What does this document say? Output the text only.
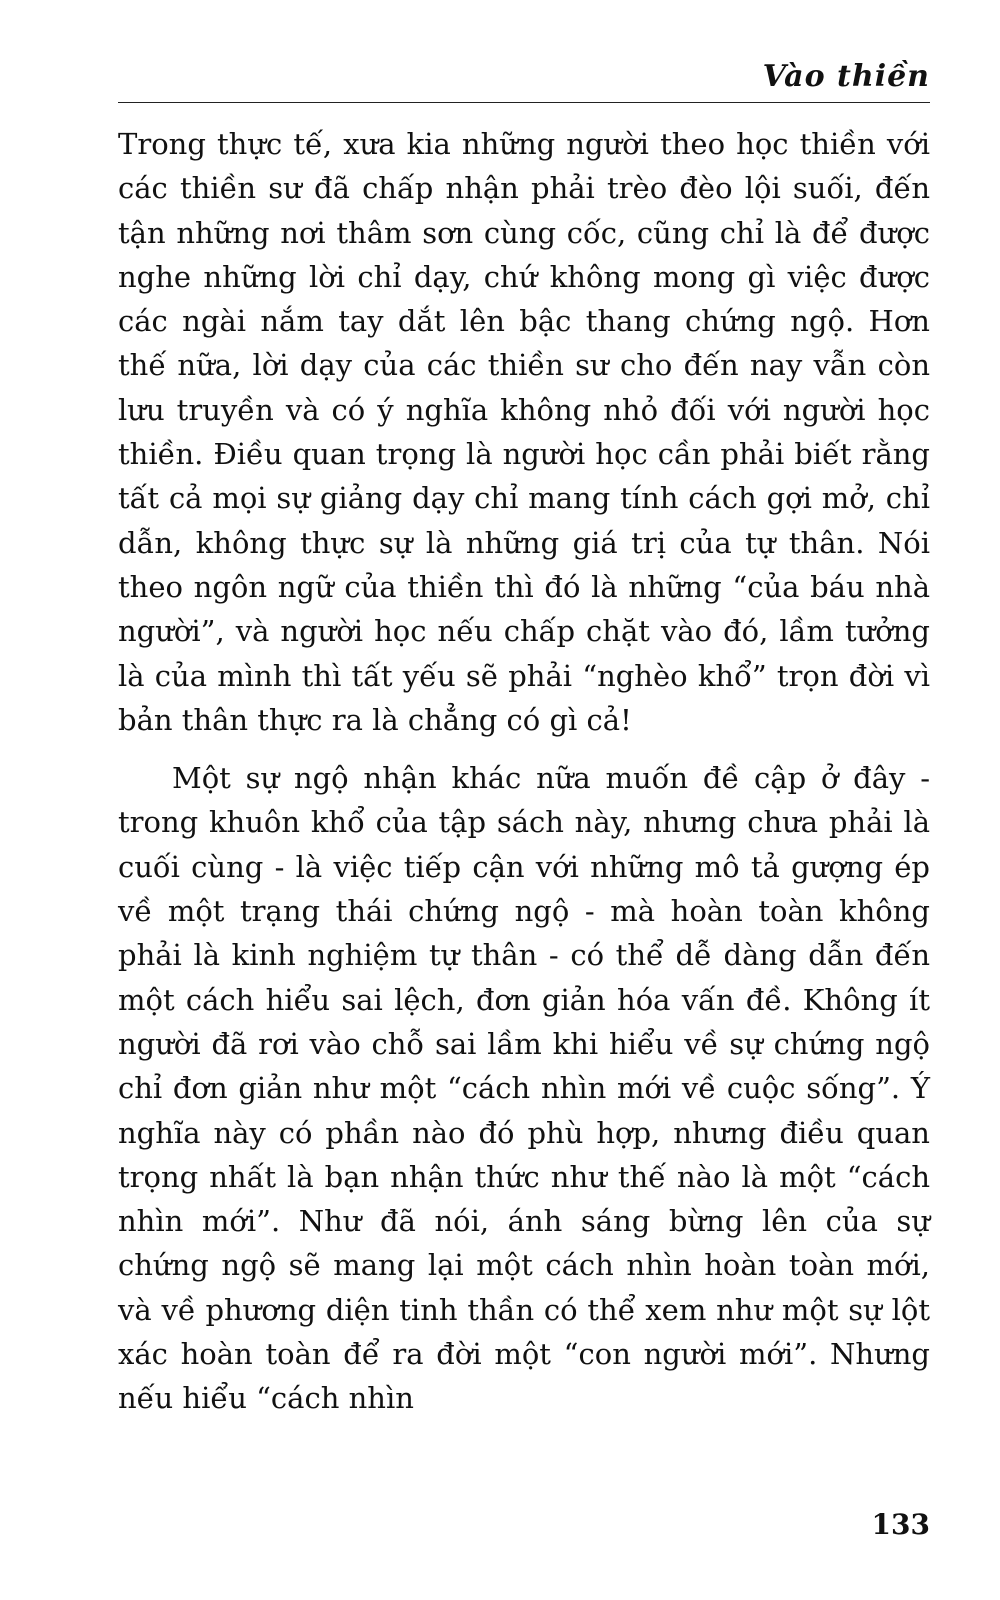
Vào thiền

Trong thực tế, xưa kia những người theo học thiền với các thiền sư đã chấp nhận phải trèo đèo lội suối, đến tận những nơi thâm sơn cùng cốc, cũng chỉ là để được nghe những lời chỉ dạy, chứ không mong gì việc được các ngài nắm tay dắt lên bậc thang chứng ngộ. Hơn thế nữa, lời dạy của các thiền sư cho đến nay vẫn còn lưu truyền và có ý nghĩa không nhỏ đối với người học thiền. Điều quan trọng là người học cần phải biết rằng tất cả mọi sự giảng dạy chỉ mang tính cách gợi mở, chỉ dẫn, không thực sự là những giá trị của tự thân. Nói theo ngôn ngữ của thiền thì đó là những “của báu nhà người”, và người học nếu chấp chặt vào đó, lầm tưởng là của mình thì tất yếu sẽ phải “nghèo khổ” trọn đời vì bản thân thực ra là chẳng có gì cả!

Một sự ngộ nhận khác nữa muốn đề cập ở đây - trong khuôn khổ của tập sách này, nhưng chưa phải là cuối cùng - là việc tiếp cận với những mô tả gượng ép về một trạng thái chứng ngộ - mà hoàn toàn không phải là kinh nghiệm tự thân - có thể dễ dàng dẫn đến một cách hiểu sai lệch, đơn giản hóa vấn đề. Không ít người đã rơi vào chỗ sai lầm khi hiểu về sự chứng ngộ chỉ đơn giản như một “cách nhìn mới về cuộc sống”. Ý nghĩa này có phần nào đó phù hợp, nhưng điều quan trọng nhất là bạn nhận thức như thế nào là một “cách nhìn mới”. Như đã nói, ánh sáng bừng lên của sự chứng ngộ sẽ mang lại một cách nhìn hoàn toàn mới, và về phương diện tinh thần có thể xem như một sự lột xác hoàn toàn để ra đời một “con người mới”. Nhưng nếu hiểu “cách nhìn

133
